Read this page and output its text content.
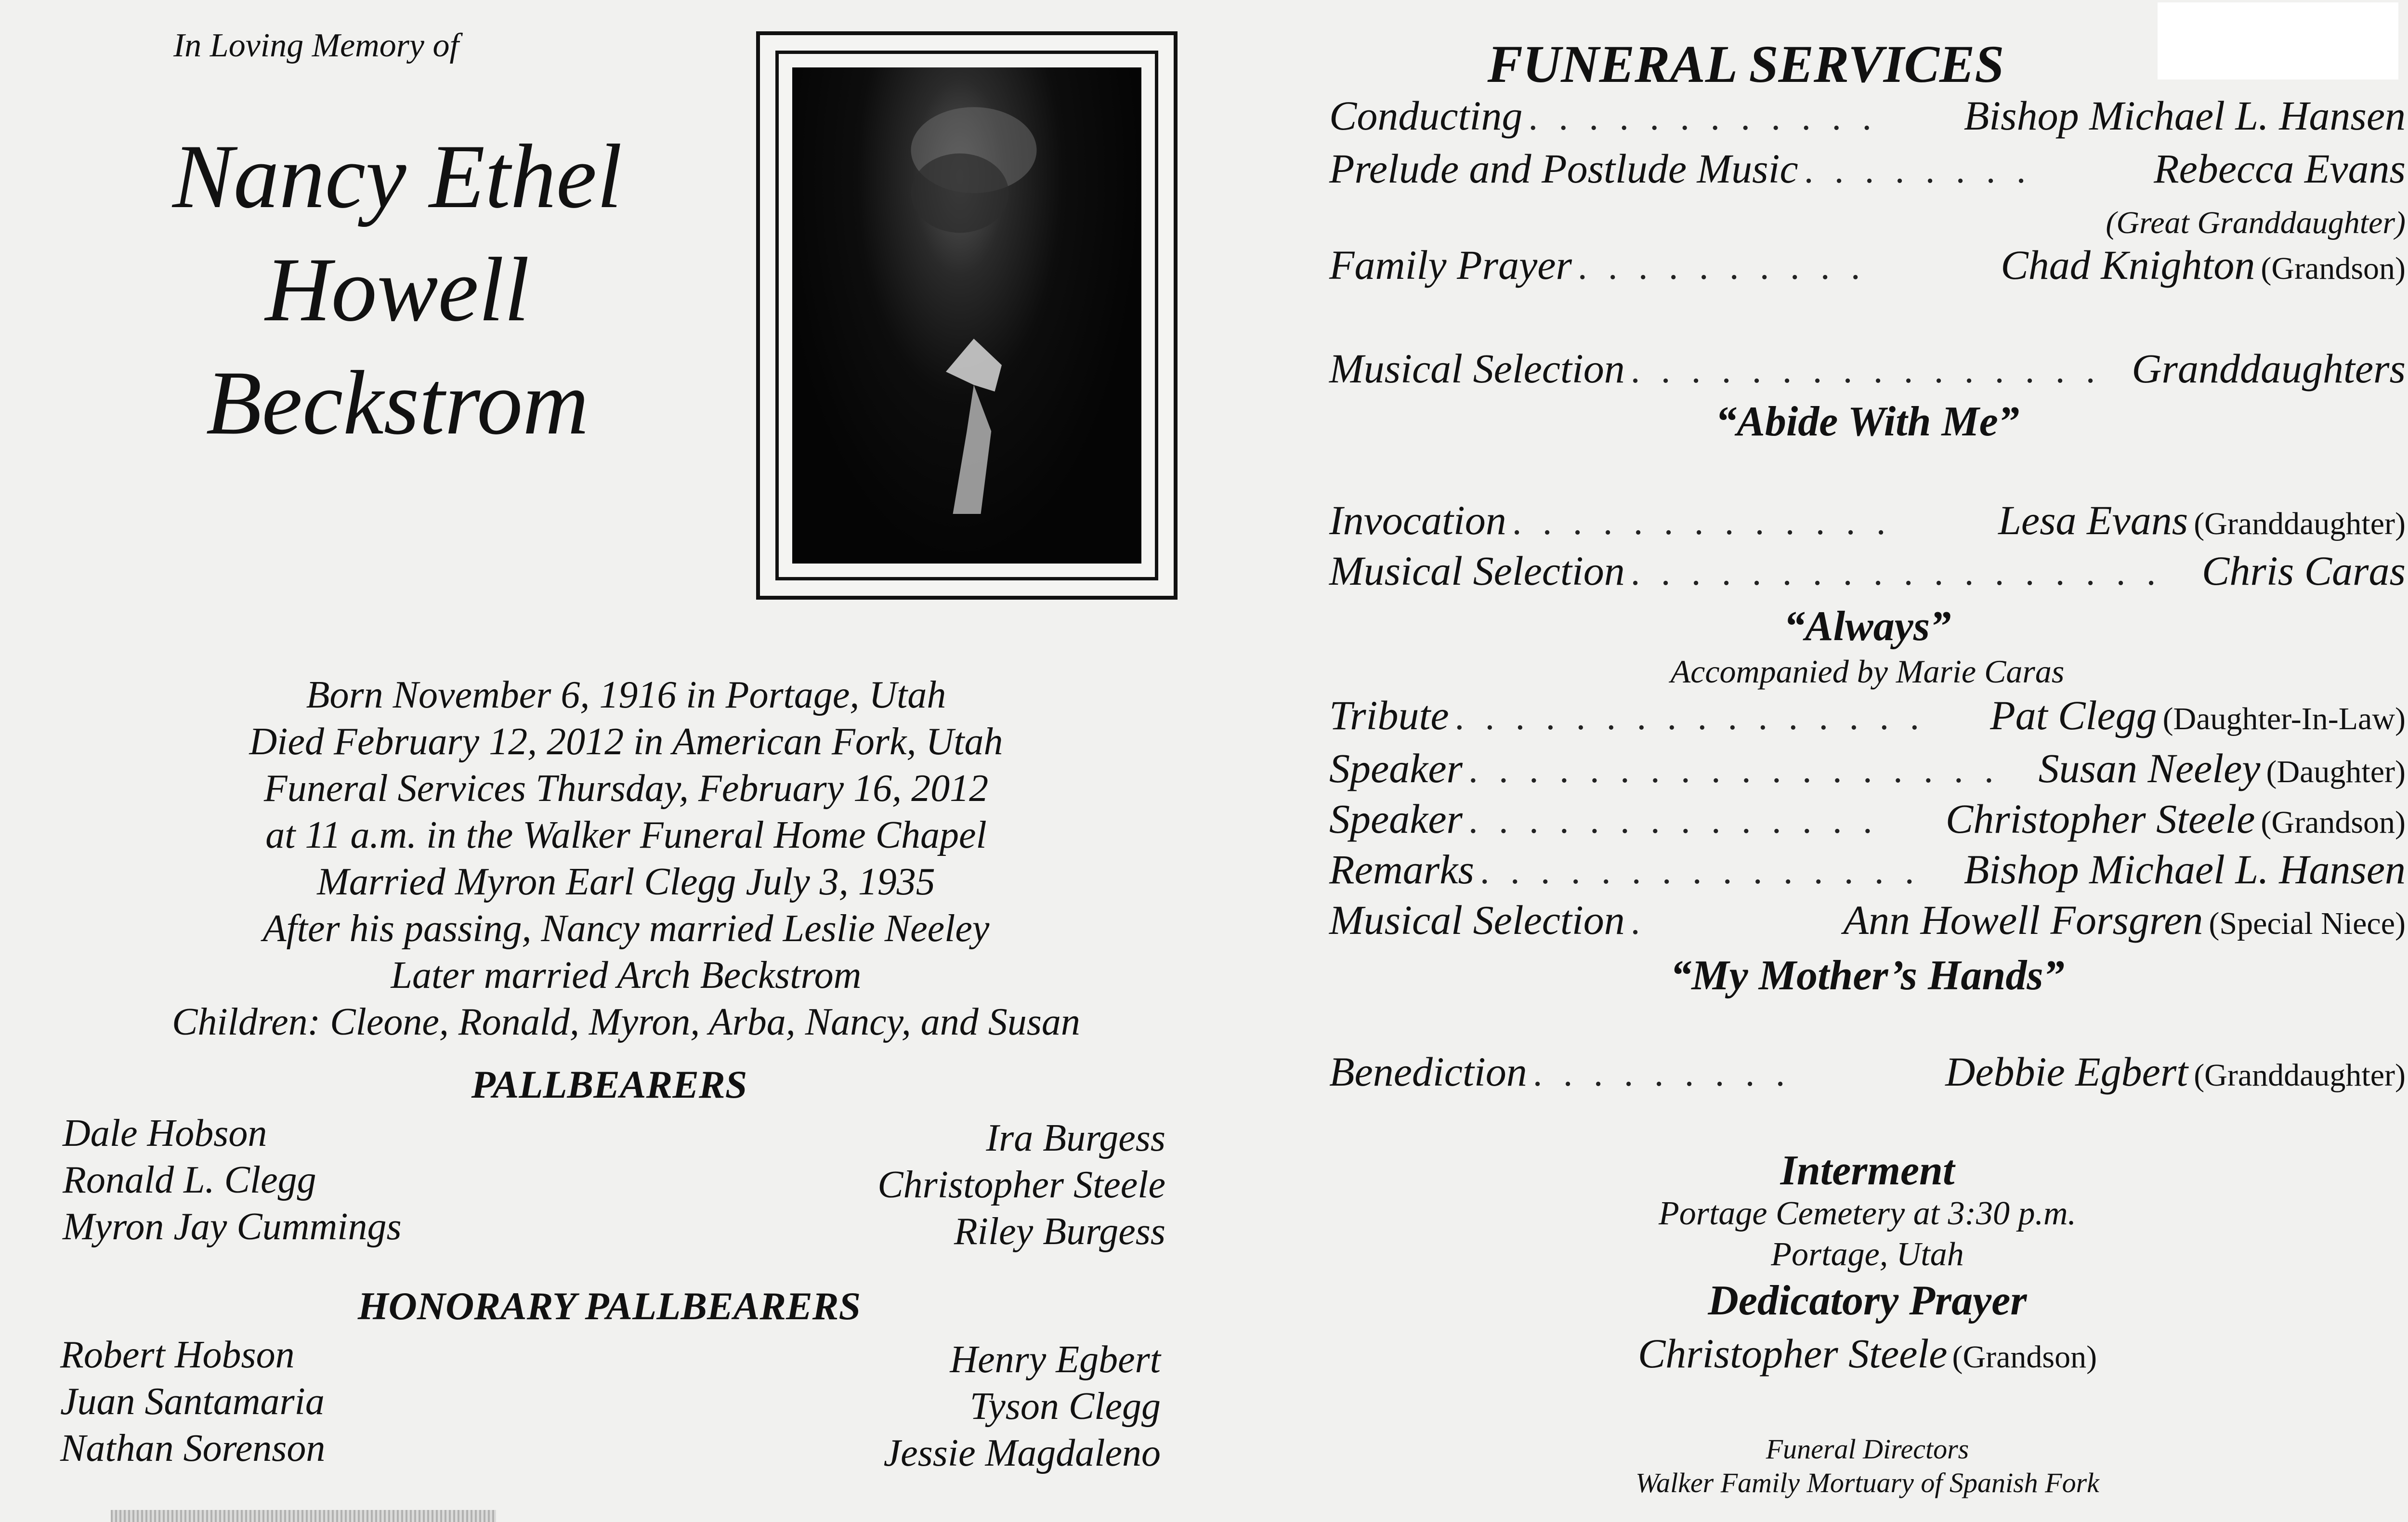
In Loving Memory of
Nancy Ethel
Howell
Beckstrom
Born November 6, 1916 in Portage, Utah
Died February 12, 2012 in American Fork, Utah
Funeral Services Thursday, February 16, 2012
at 11 a.m. in the Walker Funeral Home Chapel
Married Myron Earl Clegg July 3, 1935
After his passing, Nancy married Leslie Neeley
Later married Arch Beckstrom
Children: Cleone, Ronald, Myron, Arba, Nancy, and Susan
PALLBEARERS
Dale Hobson
Ronald L. Clegg
Myron Jay Cummings
Ira Burgess
Christopher Steele
Riley Burgess
HONORARY PALLBEARERS
Robert Hobson
Juan Santamaria
Nathan Sorenson
Henry Egbert
Tyson Clegg
Jessie Magdaleno
FUNERAL SERVICES
Conducting . . . . . . . . . . . .	Bishop Michael L. Hansen
Prelude and Postlude Music . . . . . . . .	Rebecca Evans
(Great Granddaughter)
Family Prayer . . . . . . . . . .	Chad Knighton (Grandson)
Musical Selection . . . . . . . . . . . . . . . . Granddaughters
“Abide With Me”
Invocation . . . . . . . . . . . . .	Lesa Evans (Granddaughter)
Musical Selection . . . . . . . . . . . . . . . . . . Chris Caras
“Always”
Accompanied by Marie Caras
Tribute . . . . . . . . . . . . . . . .	Pat Clegg (Daughter-In-Law)
Speaker . . . . . . . . . . . . . . . . . . Susan Neeley (Daughter)
Speaker . . . . . . . . . . . . . .	Christopher Steele (Grandson)
Remarks . . . . . . . . . . . . . . .	Bishop Michael L. Hansen
Musical Selection .	Ann Howell Forsgren (Special Niece)
“My Mother’s Hands”
Benediction . . . . . . . . .	Debbie Egbert (Granddaughter)
Interment
Portage Cemetery at 3:30 p.m.
Portage, Utah
Dedicatory Prayer
Christopher Steele (Grandson)
Funeral Directors
Walker Family Mortuary of Spanish Fork
